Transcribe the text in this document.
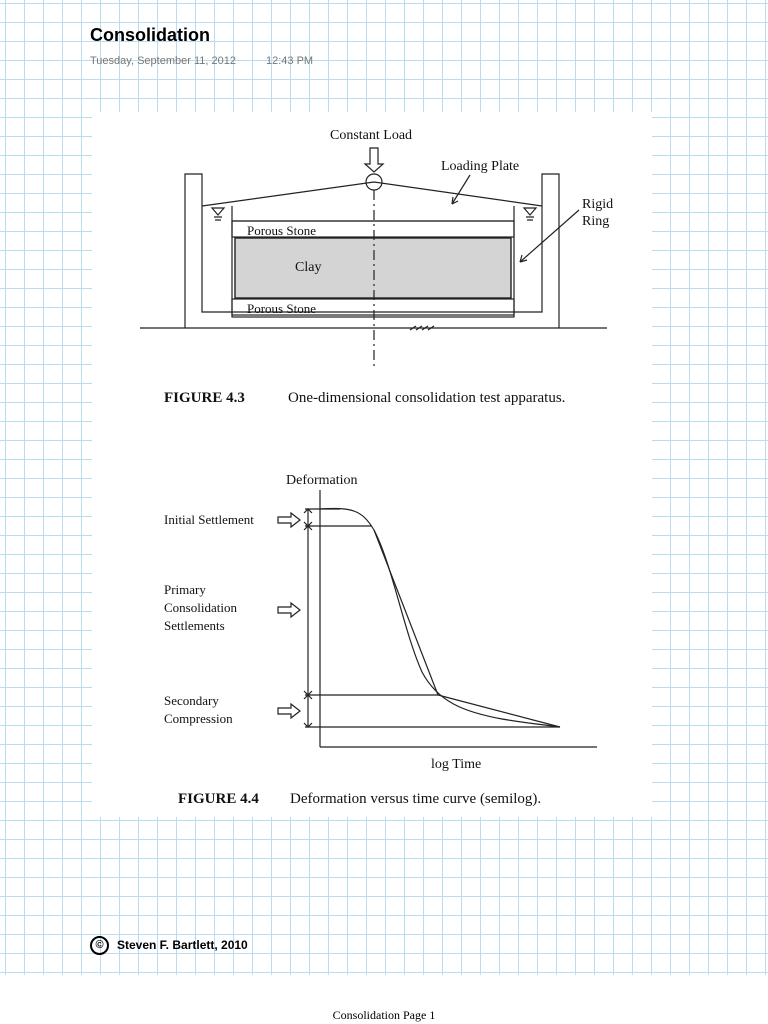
Consolidation
Tuesday, September 11, 2012	12:43 PM
Constant Load
Loading Plate
Rigid
Ring
Porous Stone
Clay
Porous Stone
FIGURE 4.3	One-dimensional consolidation test apparatus.
Deformation
log Time
Initial Settlement
Primary
Consolidation
Settlements
Secondary
Compression
FIGURE 4.4 Deformation versus time curve (semilog).
©	Steven F. Bartlett, 2010
Consolidation Page 1
